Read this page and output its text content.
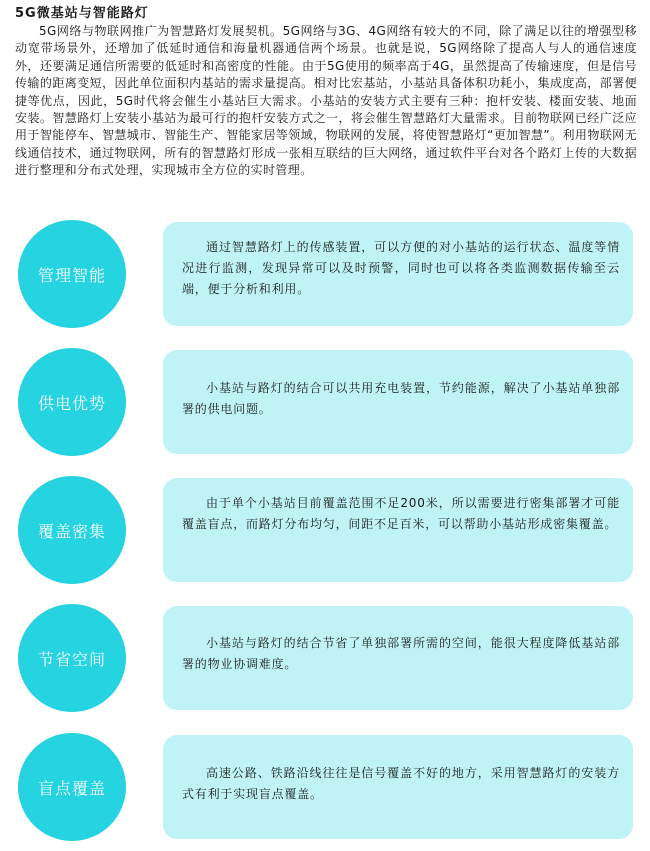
5G微基站与智能路灯

5G网络与物联网推广为智慧路灯发展契机。5G网络与3G、4G网络有较大的不同，除了满足以往的增强型移动宽带场景外，还增加了低延时通信和海量机器通信两个场景。也就是说，5G网络除了提高人与人的通信速度外，还要满足通信所需要的低延时和高密度的性能。由于5G使用的频率高于4G，虽然提高了传输速度，但是信号传输的距离变短，因此单位面积内基站的需求量提高。相对比宏基站，小基站具备体积功耗小，集成度高，部署便捷等优点，因此，5G时代将会催生小基站巨大需求。小基站的安装方式主要有三种：抱杆安装、楼面安装、地面安装。智慧路灯上安装小基站为最可行的抱杆安装方式之一，将会催生智慧路灯大量需求。目前物联网已经广泛应用于智能停车、智慧城市、智能生产、智能家居等领域，物联网的发展，将使智慧路灯“更加智慧”。利用物联网无线通信技术，通过物联网，所有的智慧路灯形成一张相互联结的巨大网络，通过软件平台对各个路灯上传的大数据进行整理和分布式处理，实现城市全方位的实时管理。

管理智能

通过智慧路灯上的传感装置，可以方便的对小基站的运行状态、温度等情况进行监测，发现异常可以及时预警，同时也可以将各类监测数据传输至云端，便于分析和利用。

供电优势

小基站与路灯的结合可以共用充电装置，节约能源，解决了小基站单独部署的供电问题。

覆盖密集

由于单个小基站目前覆盖范围不足200米，所以需要进行密集部署才可能覆盖盲点，而路灯分布均匀，间距不足百米，可以帮助小基站形成密集覆盖。

节省空间

小基站与路灯的结合节省了单独部署所需的空间，能很大程度降低基站部署的物业协调难度。

盲点覆盖

高速公路、铁路沿线往往是信号覆盖不好的地方，采用智慧路灯的安装方式有利于实现盲点覆盖。
